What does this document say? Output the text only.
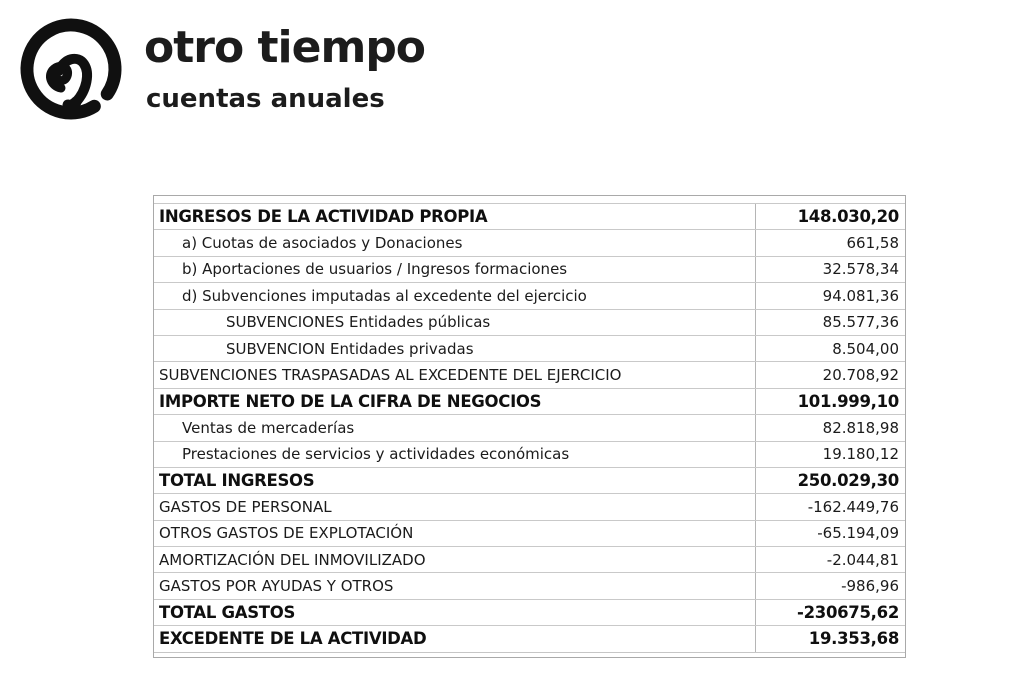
otro tiempo
cuentas anuales
INGRESOS DE LA ACTIVIDAD PROPIA	148.030,20
a) Cuotas de asociados y Donaciones	661,58
b) Aportaciones de usuarios / Ingresos formaciones	32.578,34
d) Subvenciones imputadas al excedente del ejercicio	94.081,36
SUBVENCIONES Entidades públicas	85.577,36
SUBVENCION Entidades privadas	8.504,00
SUBVENCIONES TRASPASADAS AL EXCEDENTE DEL EJERCICIO	20.708,92
IMPORTE NETO DE LA CIFRA DE NEGOCIOS	101.999,10
Ventas de mercaderías	82.818,98
Prestaciones de servicios y actividades económicas	19.180,12
TOTAL INGRESOS	250.029,30
GASTOS DE PERSONAL	-162.449,76
OTROS GASTOS DE EXPLOTACIÓN	-65.194,09
AMORTIZACIÓN DEL INMOVILIZADO	-2.044,81
GASTOS POR AYUDAS Y OTROS	-986,96
TOTAL GASTOS	-230675,62
EXCEDENTE DE LA ACTIVIDAD	19.353,68
